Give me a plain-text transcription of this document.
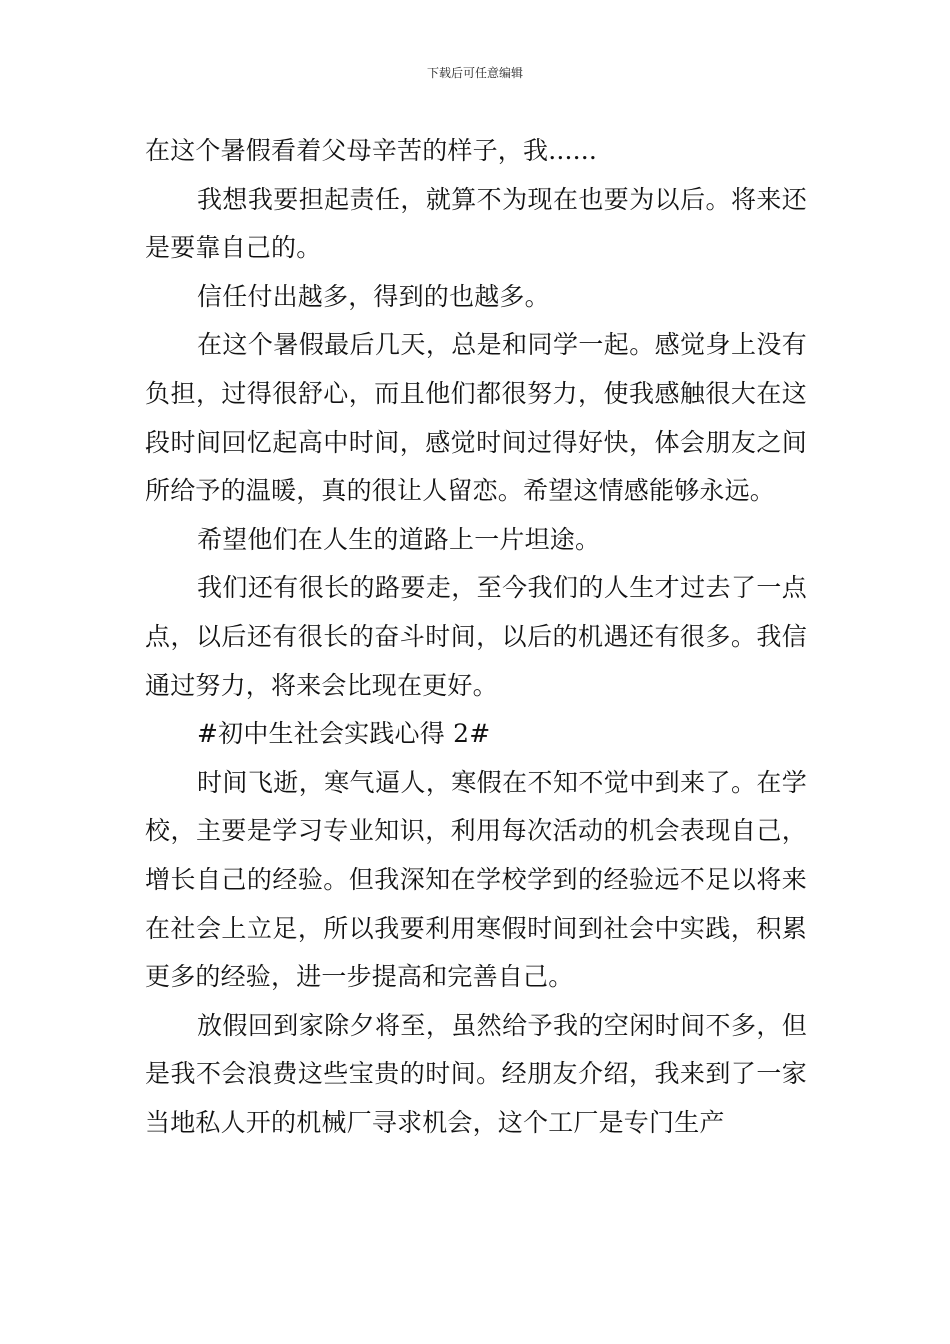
下载后可任意编辑

在这个暑假看着父母辛苦的样子，我......

我想我要担起责任，就算不为现在也要为以后。将来还是要靠自己的。

信任付出越多，得到的也越多。

在这个暑假最后几天，总是和同学一起。感觉身上没有负担，过得很舒心，而且他们都很努力，使我感触很大在这段时间回忆起高中时间，感觉时间过得好快，体会朋友之间所给予的温暖，真的很让人留恋。希望这情感能够永远。

希望他们在人生的道路上一片坦途。

我们还有很长的路要走，至今我们的人生才过去了一点点，以后还有很长的奋斗时间，以后的机遇还有很多。我信通过努力，将来会比现在更好。

#初中生社会实践心得 2#

时间飞逝，寒气逼人，寒假在不知不觉中到来了。在学校，主要是学习专业知识，利用每次活动的机会表现自己，增长自己的经验。但我深知在学校学到的经验远不足以将来在社会上立足，所以我要利用寒假时间到社会中实践，积累更多的经验，进一步提高和完善自己。

放假回到家除夕将至，虽然给予我的空闲时间不多，但是我不会浪费这些宝贵的时间。经朋友介绍，我来到了一家当地私人开的机械厂寻求机会，这个工厂是专门生产
